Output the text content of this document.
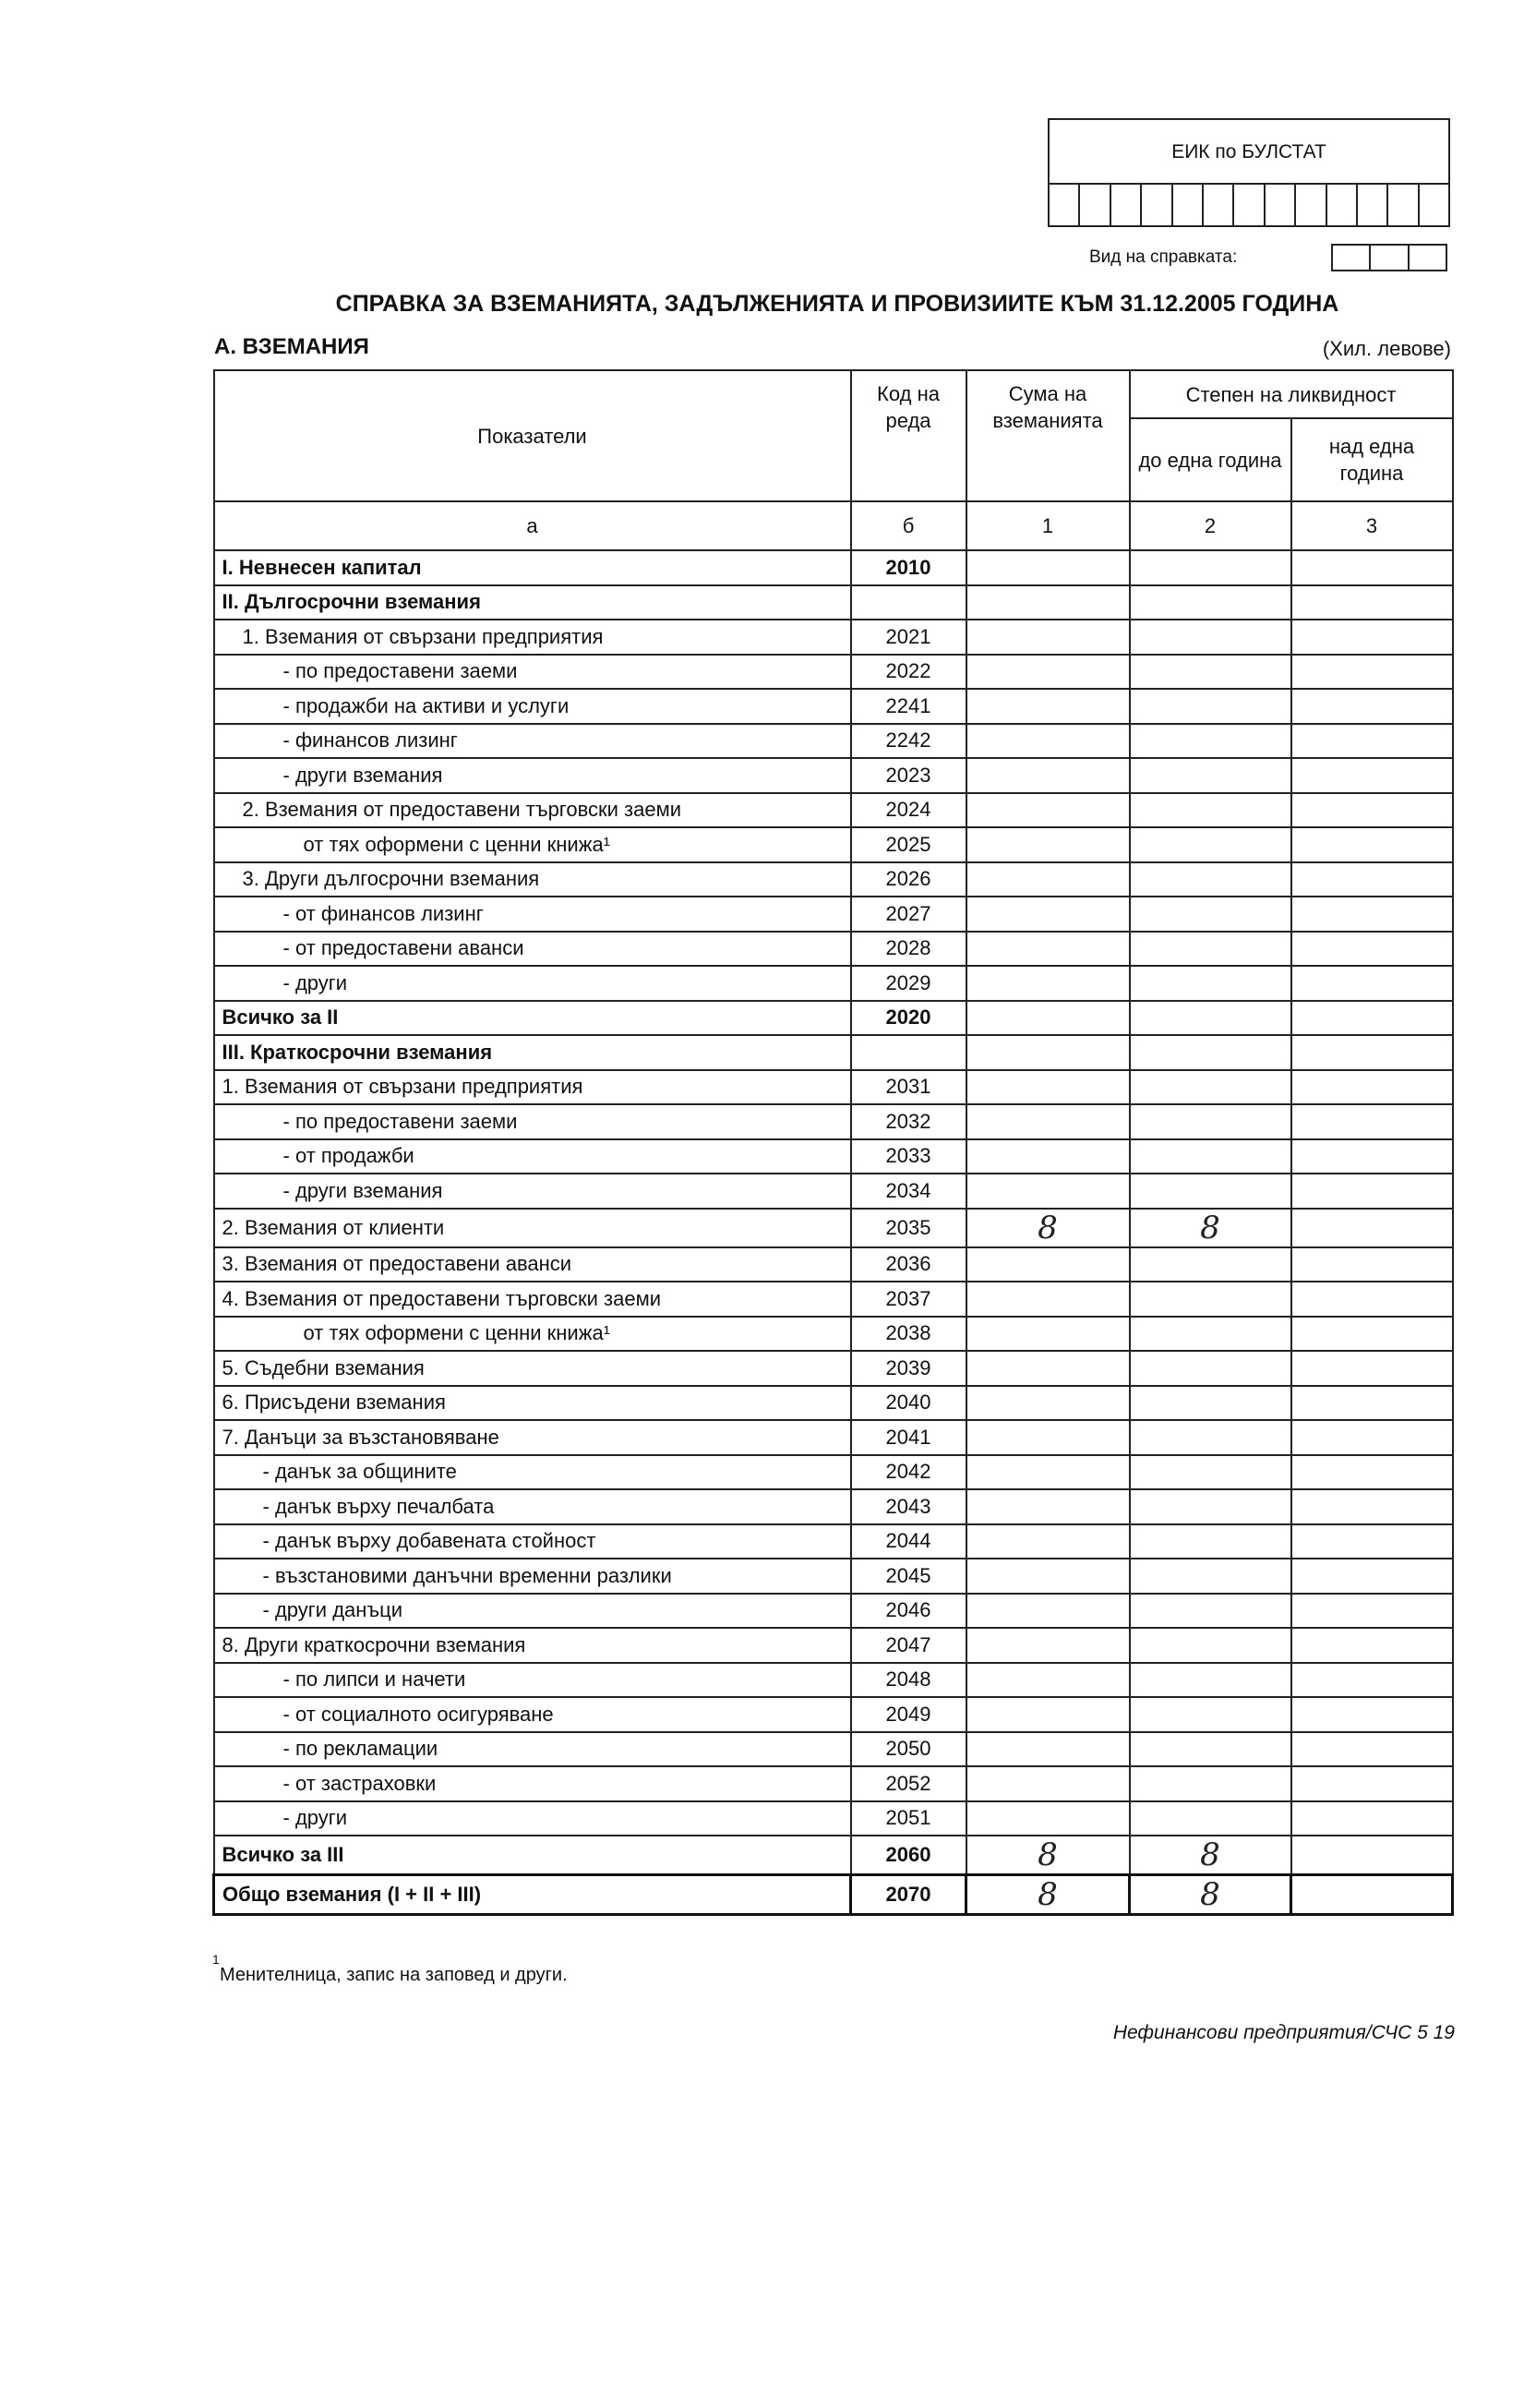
ЕИК по БУЛСТАТ
Вид на справката:
СПРАВКА ЗА ВЗЕМАНИЯТА, ЗАДЪЛЖЕНИЯТА И ПРОВИЗИИТЕ КЪМ 31.12.2005 ГОДИНА
А. ВЗЕМАНИЯ	(Хил. левове)
Показатели	Код на реда	Сума на вземанията	Степен на ликвидност	
			до една година	над една година
а	б	1	2	3
I. Невнесен капитал	2010			
II. Дългосрочни вземания				
1. Вземания от свързани предприятия	2021			
- по предоставени заеми	2022			
- продажби на активи и услуги	2241			
- финансов лизинг	2242			
- други вземания	2023			
2. Вземания от предоставени търговски заеми	2024			
от тях оформени с ценни книжа¹	2025			
3. Други дългосрочни вземания	2026			
- от финансов лизинг	2027			
- от предоставени аванси	2028			
- други	2029			
Всичко за II	2020			
III. Краткосрочни вземания				
1. Вземания от свързани предприятия	2031			
- по предоставени заеми	2032			
- от продажби	2033			
- други вземания	2034			
2. Вземания от клиенти	2035	8	8	
3. Вземания от предоставени аванси	2036			
4. Вземания от предоставени търговски заеми	2037			
от тях оформени с ценни книжа¹	2038			
5. Съдебни вземания	2039			
6. Присъдени вземания	2040			
7. Данъци за възстановяване	2041			
- данък за общините	2042			
- данък върху печалбата	2043			
- данък върху добавената стойност	2044			
- възстановими данъчни временни разлики	2045			
- други данъци	2046			
8. Други краткосрочни вземания	2047			
- по липси и начети	2048			
- от социалното осигуряване	2049			
- по рекламации	2050			
- от застраховки	2052			
- други	2051			
Всичко за III	2060	8	8	
Общо вземания (I + II + III)	2070	8	8	
1
Менителница, запис на заповед и други.
Нефинансови предприятия/СЧС 5 19
